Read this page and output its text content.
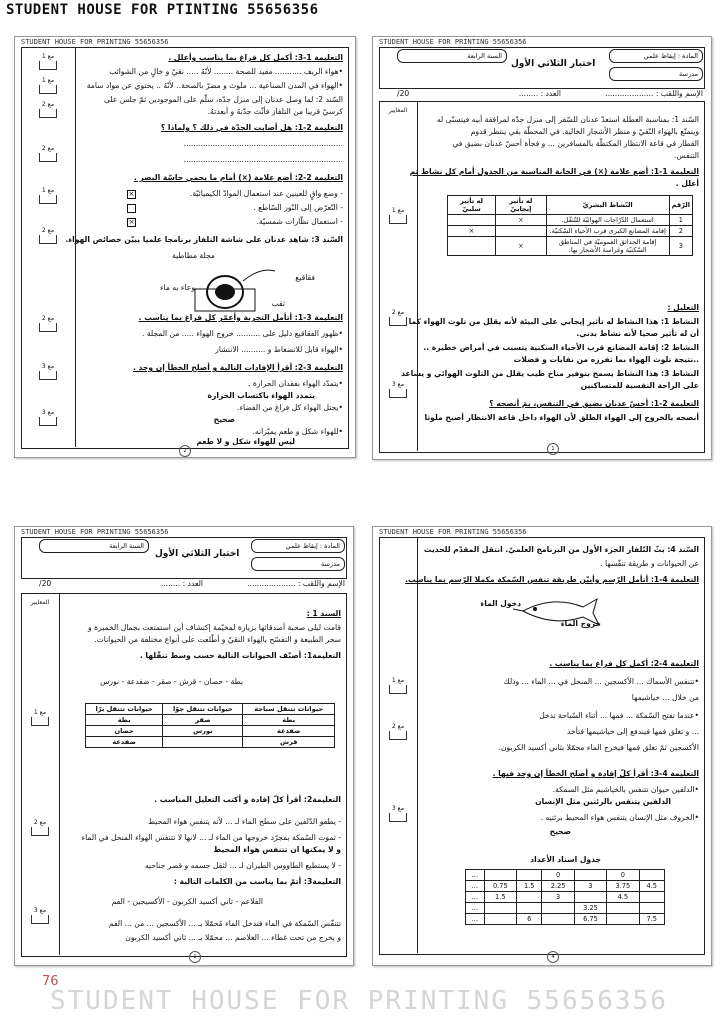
STUDENT HOUSE FOR PTINTING 55656356
STUDENT HOUSE FOR PRINTING 55656356
مع 1
مع 1
مع 2
مع 2
مع 1
مع 2
مع 2
مع 3
مع 3
التعليمة 1-3: أكمل كل فراغ بما يناسب وأعلل .
•هواء الريف ........... مفيد للصحة ........ لأنّهُ ..... نقيّ و خالٍ من الشوائب
•الهواء في المدن الصناعية ... ملوث و مضرّ بالصحة.. لأنّهُ .. يحتوي عن مواد سامة
السّند 2: لما وصل عدنان إلى منزل جدّه، سلّم على الموجودين ثمّ جلس على
كرسيّ قريبا من التلفاز فأثّث جدّتهُ و أبعدتهُ.
التعليمة 2-1: هل أصابت الجدّة في ذلك ؟ ولماذا ؟
..................................................................
..................................................................
التعليمة 2-2: أضع علامة (×) أمام ما يحمي حاسّة البصر .
- وضع واقٍ للعينين عند استعمال الموادّ الكيميائيّة.
- التّعرّض إلى النّور السّاطع .
- استعمال نظّارات شمسيّة.
×
×
السّند 3: شاهد عدنان على شاشة التلفاز برنامجا علميا يبيّن خصائص الهواء.
مجلة مطاطية
فقاقيع
وعاء به ماء
ثقب
التعليمة 3-1: أتأمل التجربة وأعمّر كل فراغ بما يناسب .
•ظهور الفقاقيع دليل على .......... خروج الهواء ..... من المجلة .
•الهواء قابل للانضغاط و .......... الانتشار
التعليمة 3-2: أقرأ الإفادات التالية و أصلح الخطأ إن وجد .
•يتمدّد الهواء بفقدان الحرارة .
يتمدد الهواء باكتساب الحرارة
•يحتل الهواء كل فراغ من الفضاء.
صحيح
•للهواء شكل و طعم يميّزانه.
ليس للهواء شكل و لا طعم
2
STUDENT HOUSE FOR PRINTING 55656356
المادة : إيقاظ علمي
مدرسة
اختبار الثلاثي الأول
السنة الرابعة
الإسم واللقب : ....................
العدد : ........
20/
المعايير
مع 1
مع 2
مع 3
السّند 1: بمناسبة العطلة استعدّ عدنان للسّفر إلى منزل جدّه لمرافقة أبيه فيتسنّى له
ويتمتّع بالهواء النّقيّ و منظر الأشجار الخالية. في المحطّة بقي ينتظر قدوم
القطار في قاعة الانتظار المكتظّة بالمسافرين ... و فجأة أحسّ عدنان بضيق في
التنفس.
التعليمة 1-1: أضع علامة (×) في الخانة المناسبة من الجدول أمام كل نشاط ثم
أعلل .
الرّقم	النّشاط البشريّ	له تأثير إيجابيّ	له تأثير سلبيّ
1	استعمال الدّرّاجات الهوائيّة للتّنقّل.	×	
2	إقامة المصانع الكبرى قرب الأحياء السّكنيّة.		×
3	إقامة الحدائق العموميّة في المناطق السّكنيّة وغراسة الأشجار بها.	×	
التعليل :
النشاط 1: هذا النشاط له تأثير إيجابي على البيئة لأنه يقلل من تلوث الهواء كما
أن له تأثير صحيا لأنه نشاط بدني.
النشاط 2: إقامة المصانع قرب الأحياء السكنية يتسبب في أمراض خطيرة ..
..نتيجة تلوث الهواء بما تفرزه من نفايات و فضلات
النشاط 3: هذا النشاط يسمح بتوفير مناخ طيب يقلل من التلوث الهوائي و يساعد
على الراحة النفسية للمتساكنين
التعليمة 2-1: أحسّ عدنان بضيق في التنفس، بمَ أنصحه ؟
أنصحه بالخروج إلى الهواء الطلق لأن الهواء داخل قاعة الانتظار أصبح ملوثا
1
STUDENT HOUSE FOR PRINTING 55656356
المادة : إيقاظ علمي
مدرسة
اختبار الثلاثي الأول
السنة الرابعة
الإسم واللقب : ....................
العدد : ........
20/
المعايير
مع 1
مع 2
مع 3
السند 1 :
قامت ليلى صحبة أصدقائها بزيارة لمخيّمة إكتشاف أين استمتعت بجمال الخميرة و
سحر الطبيعة و التفسّح بالهواء النقيّ و أطّلعت على أنواع مختلفة من الحيوانات.
التعليمة1: أصنّف الحيوانات التالية حسب وسط تنقّلها .
بطة - حصان - قرش - صقر - ضفدعة - نورس
حيوانات تتنقل سباحة	حيوانات تتنقل جوّا	حيوانات تتنقل برّا
بطة	صقر	بطة
ضفدعة	نورس	حصان
قرش		ضفدعة
التعليمة2: أقرأ كلّ إفادة و أكتب التعليل المناسب .
- يطفو الدّلفين على سطح الماء لـ ... لأنه يتنفس هواء المحيط
- تموت السّمكة بمجرّد خروجها من الماء لـ ... لانها لا تتنفس الهواء المنحل في الماء
و لا يمكنها ان تتنفس هواء المحيط
- لا يستطيع الطاووس الطيران لـ ... لثقل جسمه و قصر جناحيه
التعليمة3: أتمّ بما يناسب من الكلمات التالية :
الفلاعم - ثاني أكسيد الكربون - الأكسيجين - الفم
تتنفّس السّمكة في الماء فتدخل الماء مُحمّلا بـ ... الأكسجين ... من ... الفم
و يخرج من تحت غطاء ... الغلاصم ... محمّلا بـ ... ثاني أكسيد الكربون
1
STUDENT HOUSE FOR PRINTING 55656356
مع 1
مع 2
مع 3
السّند 4: بثّ التّلفاز الجزء الأول من البرنامج العلميّ. انتقل المقدّم للحديث
عن الحيوانات و طريقة تنفّسها .
التعليمة 4-1: أتأمل الرّسم وأبيّن طريقة تنفس السّمكة مكملا الرّسم بما يناسب.
دخول الماء
خروج الماء
التعليمة 4-2: أكمل كل فراغ بما يناسب .
•تتنفس الأسماك ... الأكسجين ... المنحل في ... الماء ... وذلك
من خلال ... خياشيمها
•عندما تفتح السّمكة ... فمها ... أثناء السّباحة تدخل
... و تغلق فمها فيندفع إلى خياشيمها فتأخذ
الأكسجين ثمّ تغلق فمها فيخرج الماء محمّلا بثاني أكسيد الكربون.
التعليمة 4-3: أقرأ كلّ إفادة و أصلح الخطأ إن وجد فيها .
•الدلفين حيوان تتنفس بالخياشيم مثل السمكة.
الدلفين يتنفس بالرئتين مثل الإنسان
•الخروف مثل الإنسان يتنفس هواء المحيط برئتيه .
صحيح
جدول اسناد الأعداد
	0		0			...
4.5	3.75	3	2.25	1.5	0.75	...
	4.5		3		1.5	...
		3.25				...
7.5		6.75		6		...
4
76
STUDENT HOUSE FOR PRINTING 55656356
